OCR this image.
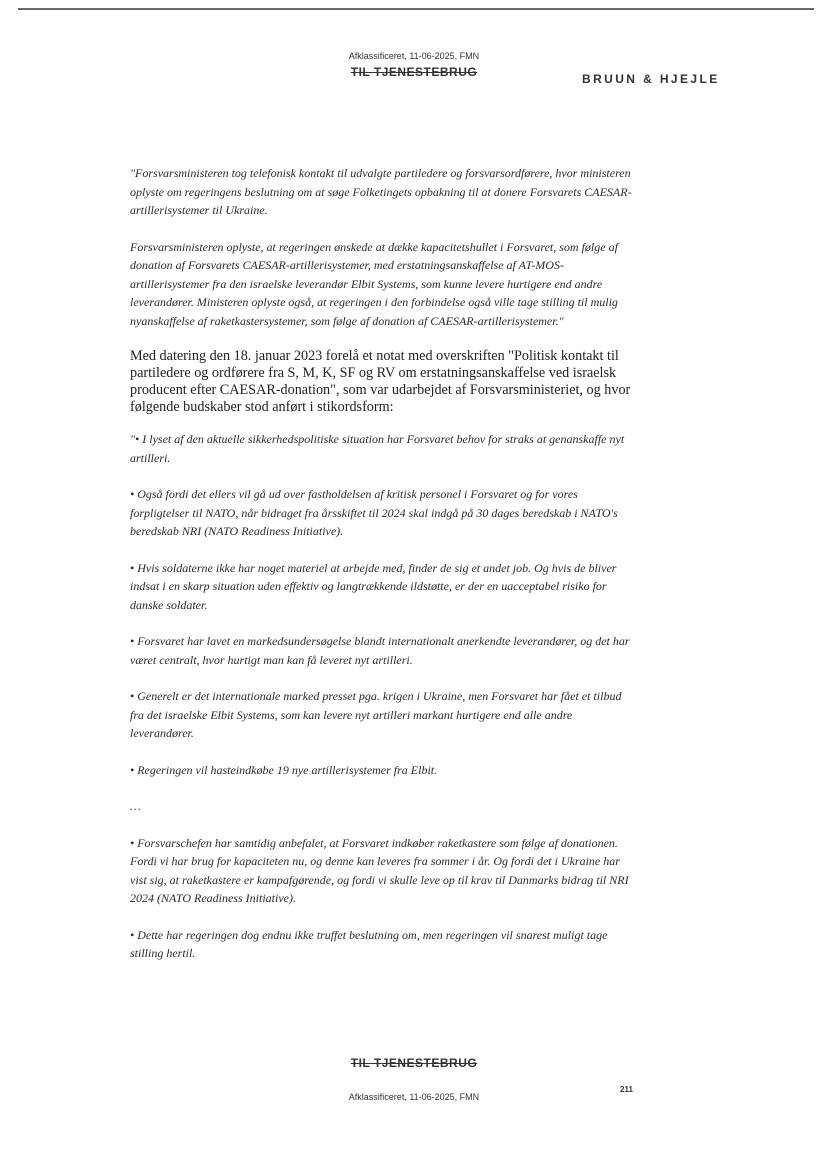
Afklassificeret, 11-06-2025, FMN
TIL TJENESTEBRUG	BRUUN & HJEJLE

"Forsvarsministeren tog telefonisk kontakt til udvalgte partiledere og forsvarsordførere, hvor ministeren oplyste om regeringens beslutning om at søge Folketingets opbakning til at donere Forsvarets CAESAR-artillerisystemer til Ukraine.

Forsvarsministeren oplyste, at regeringen ønskede at dække kapacitetshullet i Forsvaret, som følge af donation af Forsvarets CAESAR-artillerisystemer, med erstatningsanskaffelse af AT-MOS-artillerisystemer fra den israelske leverandør Elbit Systems, som kunne levere hurtigere end andre leverandører. Ministeren oplyste også, at regeringen i den forbindelse også ville tage stilling til mulig nyanskaffelse af raketkastersystemer, som følge af donation af CAESAR-artillerisystemer."

Med datering den 18. januar 2023 forelå et notat med overskriften "Politisk kontakt til partiledere og ordførere fra S, M, K, SF og RV om erstatningsanskaffelse ved israelsk producent efter CAESAR-donation", som var udarbejdet af Forsvarsministeriet, og hvor følgende budskaber stod anført i stikordsform:

"• I lyset af den aktuelle sikkerhedspolitiske situation har Forsvaret behov for straks at genanskaffe nyt artilleri.

• Også fordi det ellers vil gå ud over fastholdelsen af kritisk personel i Forsvaret og for vores forpligtelser til NATO, når bidraget fra årsskiftet til 2024 skal indgå på 30 dages beredskab i NATO's beredskab NRI (NATO Readiness Initiative).

• Hvis soldaterne ikke har noget materiel at arbejde med, finder de sig et andet job. Og hvis de bliver indsat i en skarp situation uden effektiv og langtrækkende ildstøtte, er der en uacceptabel risiko for danske soldater.

• Forsvaret har lavet en markedsundersøgelse blandt internationalt anerkendte leverandører, og det har været centralt, hvor hurtigt man kan få leveret nyt artilleri.

• Generelt er det internationale marked presset pga. krigen i Ukraine, men Forsvaret har fået et tilbud fra det israelske Elbit Systems, som kan levere nyt artilleri markant hurtigere end alle andre leverandører.

• Regeringen vil hasteindkøbe 19 nye artillerisystemer fra Elbit.

…

• Forsvarschefen har samtidig anbefalet, at Forsvaret indkøber raketkastere som følge af donationen. Fordi vi har brug for kapaciteten nu, og denne kan leveres fra sommer i år. Og fordi det i Ukraine har vist sig, at raketkastere er kampafgørende, og fordi vi skulle leve op til krav til Danmarks bidrag til NRI 2024 (NATO Readiness Initiative).

• Dette har regeringen dog endnu ikke truffet beslutning om, men regeringen vil snarest muligt tage stilling hertil.

TIL TJENESTEBRUG
211
Afklassificeret, 11-06-2025, FMN
